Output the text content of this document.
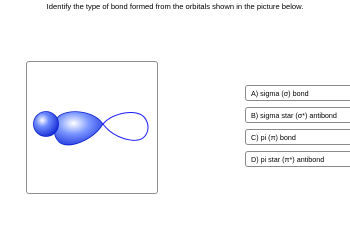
Identify the type of bond formed from the orbitals shown in the picture below.
A) sigma (σ) bond
B) sigma star (σ*) antibond
C) pi (π) bond
D) pi star (π*) antibond
